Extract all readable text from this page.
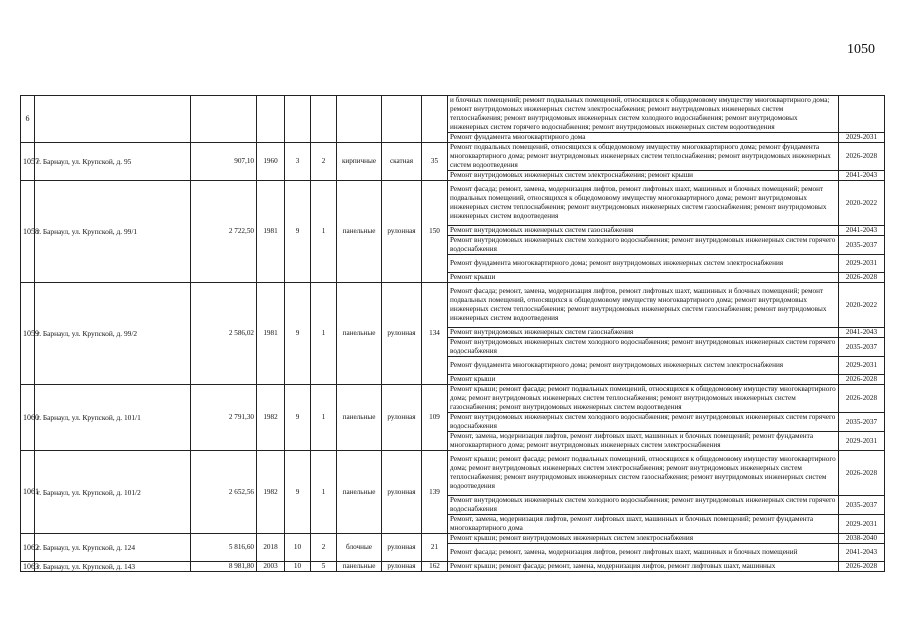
1050
6									и блочных помещений; ремонт подвальных помещений, относящихся к общедомовому имуществу многоквартирного дома; ремонт внутридомовых инженерных систем электроснабжения; ремонт внутридомовых инженерных систем теплоснабжения; ремонт внутридомовых инженерных систем холодного водоснабжения; ремонт внутридомовых инженерных систем горячего водоснабжения; ремонт внутридомовых инженерных систем водоотведения	
									Ремонт фундамента многоквартирного дома	2029-2031
1057	г. Барнаул, ул. Крупской, д. 95	907,10	1960	3	2	кирпичные	скатная	35	Ремонт подвальных помещений, относящихся к общедомовому имуществу многоквартирного дома; ремонт фундамента многоквартирного дома; ремонт внутридомовых инженерных систем теплоснабжения; ремонт внутридомовых инженерных систем водоотведения	2026-2028
									Ремонт внутридомовых инженерных систем электроснабжения; ремонт крыши	2041-2043
1058	г. Барнаул, ул. Крупской, д. 99/1	2 722,50	1981	9	1	панельные	рулонная	150	Ремонт фасада; ремонт, замена, модернизация лифтов, ремонт лифтовых шахт, машинных и блочных помещений; ремонт подвальных помещений, относящихся к общедомовому имуществу многоквартирного дома; ремонт внутридомовых инженерных систем теплоснабжения; ремонт внутридомовых инженерных систем газоснабжения; ремонт внутридомовых инженерных систем водоотведения	2020-2022
									Ремонт внутридомовых инженерных систем газоснабжения	2041-2043
									Ремонт внутридомовых инженерных систем холодного водоснабжения; ремонт внутридомовых инженерных систем горячего водоснабжения	2035-2037
									Ремонт фундамента многоквартирного дома; ремонт внутридомовых инженерных систем электроснабжения	2029-2031
									Ремонт крыши	2026-2028
1059	г. Барнаул, ул. Крупской, д. 99/2	2 586,02	1981	9	1	панельные	рулонная	134	Ремонт фасада; ремонт, замена, модернизация лифтов, ремонт лифтовых шахт, машинных и блочных помещений; ремонт подвальных помещений, относящихся к общедомовому имуществу многоквартирного дома; ремонт внутридомовых инженерных систем теплоснабжения; ремонт внутридомовых инженерных систем газоснабжения; ремонт внутридомовых инженерных систем водоотведения	2020-2022
									Ремонт внутридомовых инженерных систем газоснабжения	2041-2043
									Ремонт внутридомовых инженерных систем холодного водоснабжения; ремонт внутридомовых инженерных систем горячего водоснабжения	2035-2037
									Ремонт фундамента многоквартирного дома; ремонт внутридомовых инженерных систем электроснабжения	2029-2031
									Ремонт крыши	2026-2028
1060	г. Барнаул, ул. Крупской, д. 101/1	2 791,30	1982	9	1	панельные	рулонная	109	Ремонт крыши; ремонт фасада; ремонт подвальных помещений, относящихся к общедомовому имуществу многоквартирного дома; ремонт внутридомовых инженерных систем теплоснабжения; ремонт внутридомовых инженерных систем газоснабжения; ремонт внутридомовых инженерных систем водоотведения	2026-2028
									Ремонт внутридомовых инженерных систем холодного водоснабжения; ремонт внутридомовых инженерных систем горячего водоснабжения	2035-2037
									Ремонт, замена, модернизация лифтов, ремонт лифтовых шахт, машинных и блочных помещений; ремонт фундамента многоквартирного дома; ремонт внутридомовых инженерных систем электроснабжения	2029-2031
1061	г. Барнаул, ул. Крупской, д. 101/2	2 652,56	1982	9	1	панельные	рулонная	139	Ремонт крыши; ремонт фасада; ремонт подвальных помещений, относящихся к общедомовому имуществу многоквартирного дома; ремонт внутридомовых инженерных систем электроснабжения; ремонт внутридомовых инженерных систем теплоснабжения; ремонт внутридомовых инженерных систем газоснабжения; ремонт внутридомовых инженерных систем водоотведения	2026-2028
									Ремонт внутридомовых инженерных систем холодного водоснабжения; ремонт внутридомовых инженерных систем горячего водоснабжения	2035-2037
									Ремонт, замена, модернизация лифтов, ремонт лифтовых шахт, машинных и блочных помещений; ремонт фундамента многоквартирного дома	2029-2031
1062	г. Барнаул, ул. Крупской, д. 124	5 816,60	2018	10	2	блочные	рулонная	21	Ремонт крыши; ремонт внутридомовых инженерных систем электроснабжения	2038-2040
									Ремонт фасада; ремонт, замена, модернизация лифтов, ремонт лифтовых шахт, машинных и блочных помещений	2041-2043
1063	г. Барнаул, ул. Крупской, д. 143	8 981,80	2003	10	5	панельные	рулонная	162	Ремонт крыши; ремонт фасада; ремонт, замена, модернизация лифтов, ремонт лифтовых шахт, машинных	2026-2028
